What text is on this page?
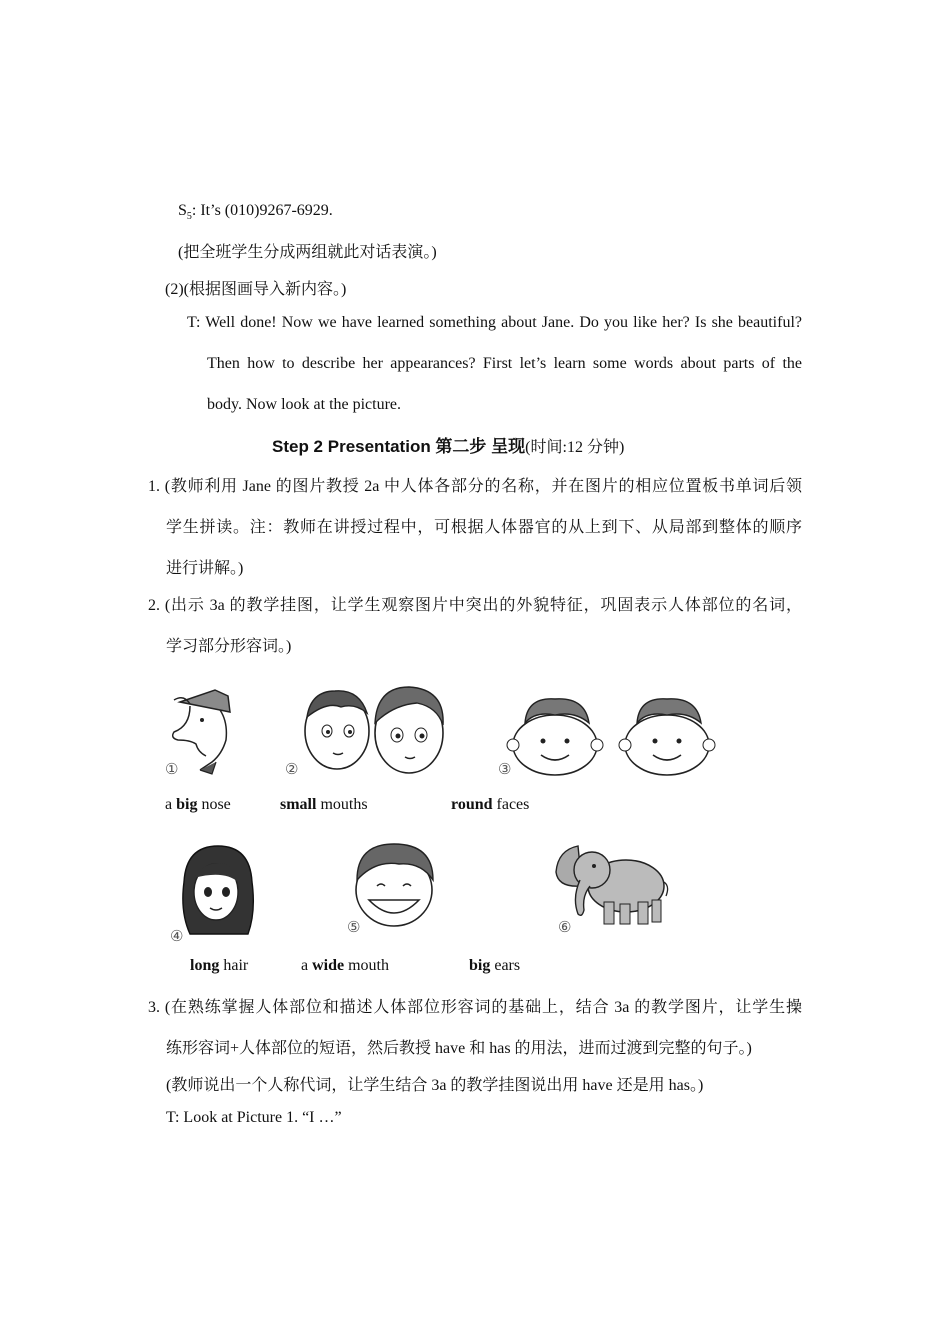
$S_5$: It’s (010)9267-6929.
(把全班学生分成两组就此对话表演。)
(2)(根据图画导入新内容。)
T: Well done! Now we have learned something about Jane. Do you like her? Is she beautiful?
Then how to describe her appearances? First let’s learn some words about parts of the
body. Now look at the picture.
Step 2 Presentation 第二步 呈现(时间:12 分钟)
1. (教师利用 Jane 的图片教授 2a 中人体各部分的名称，并在图片的相应位置板书单词后领
学生拼读。注：教师在讲授过程中，可根据人体器官的从上到下、从局部到整体的顺序
进行讲解。)
2. (出示 3a 的教学挂图，让学生观察图片中突出的外貌特征，巩固表示人体部位的名词，
学习部分形容词。)
①	②	③
a big nose	small mouths	round faces
④
⑤	⑥
long hair	a wide mouth	big ears
3. (在熟练掌握人体部位和描述人体部位形容词的基础上，结合 3a 的教学图片，让学生操
练形容词+人体部位的短语，然后教授 have 和 has 的用法，进而过渡到完整的句子。)
(教师说出一个人称代词，让学生结合 3a 的教学挂图说出用 have 还是用 has。)
T: Look at Picture 1. “I …”
